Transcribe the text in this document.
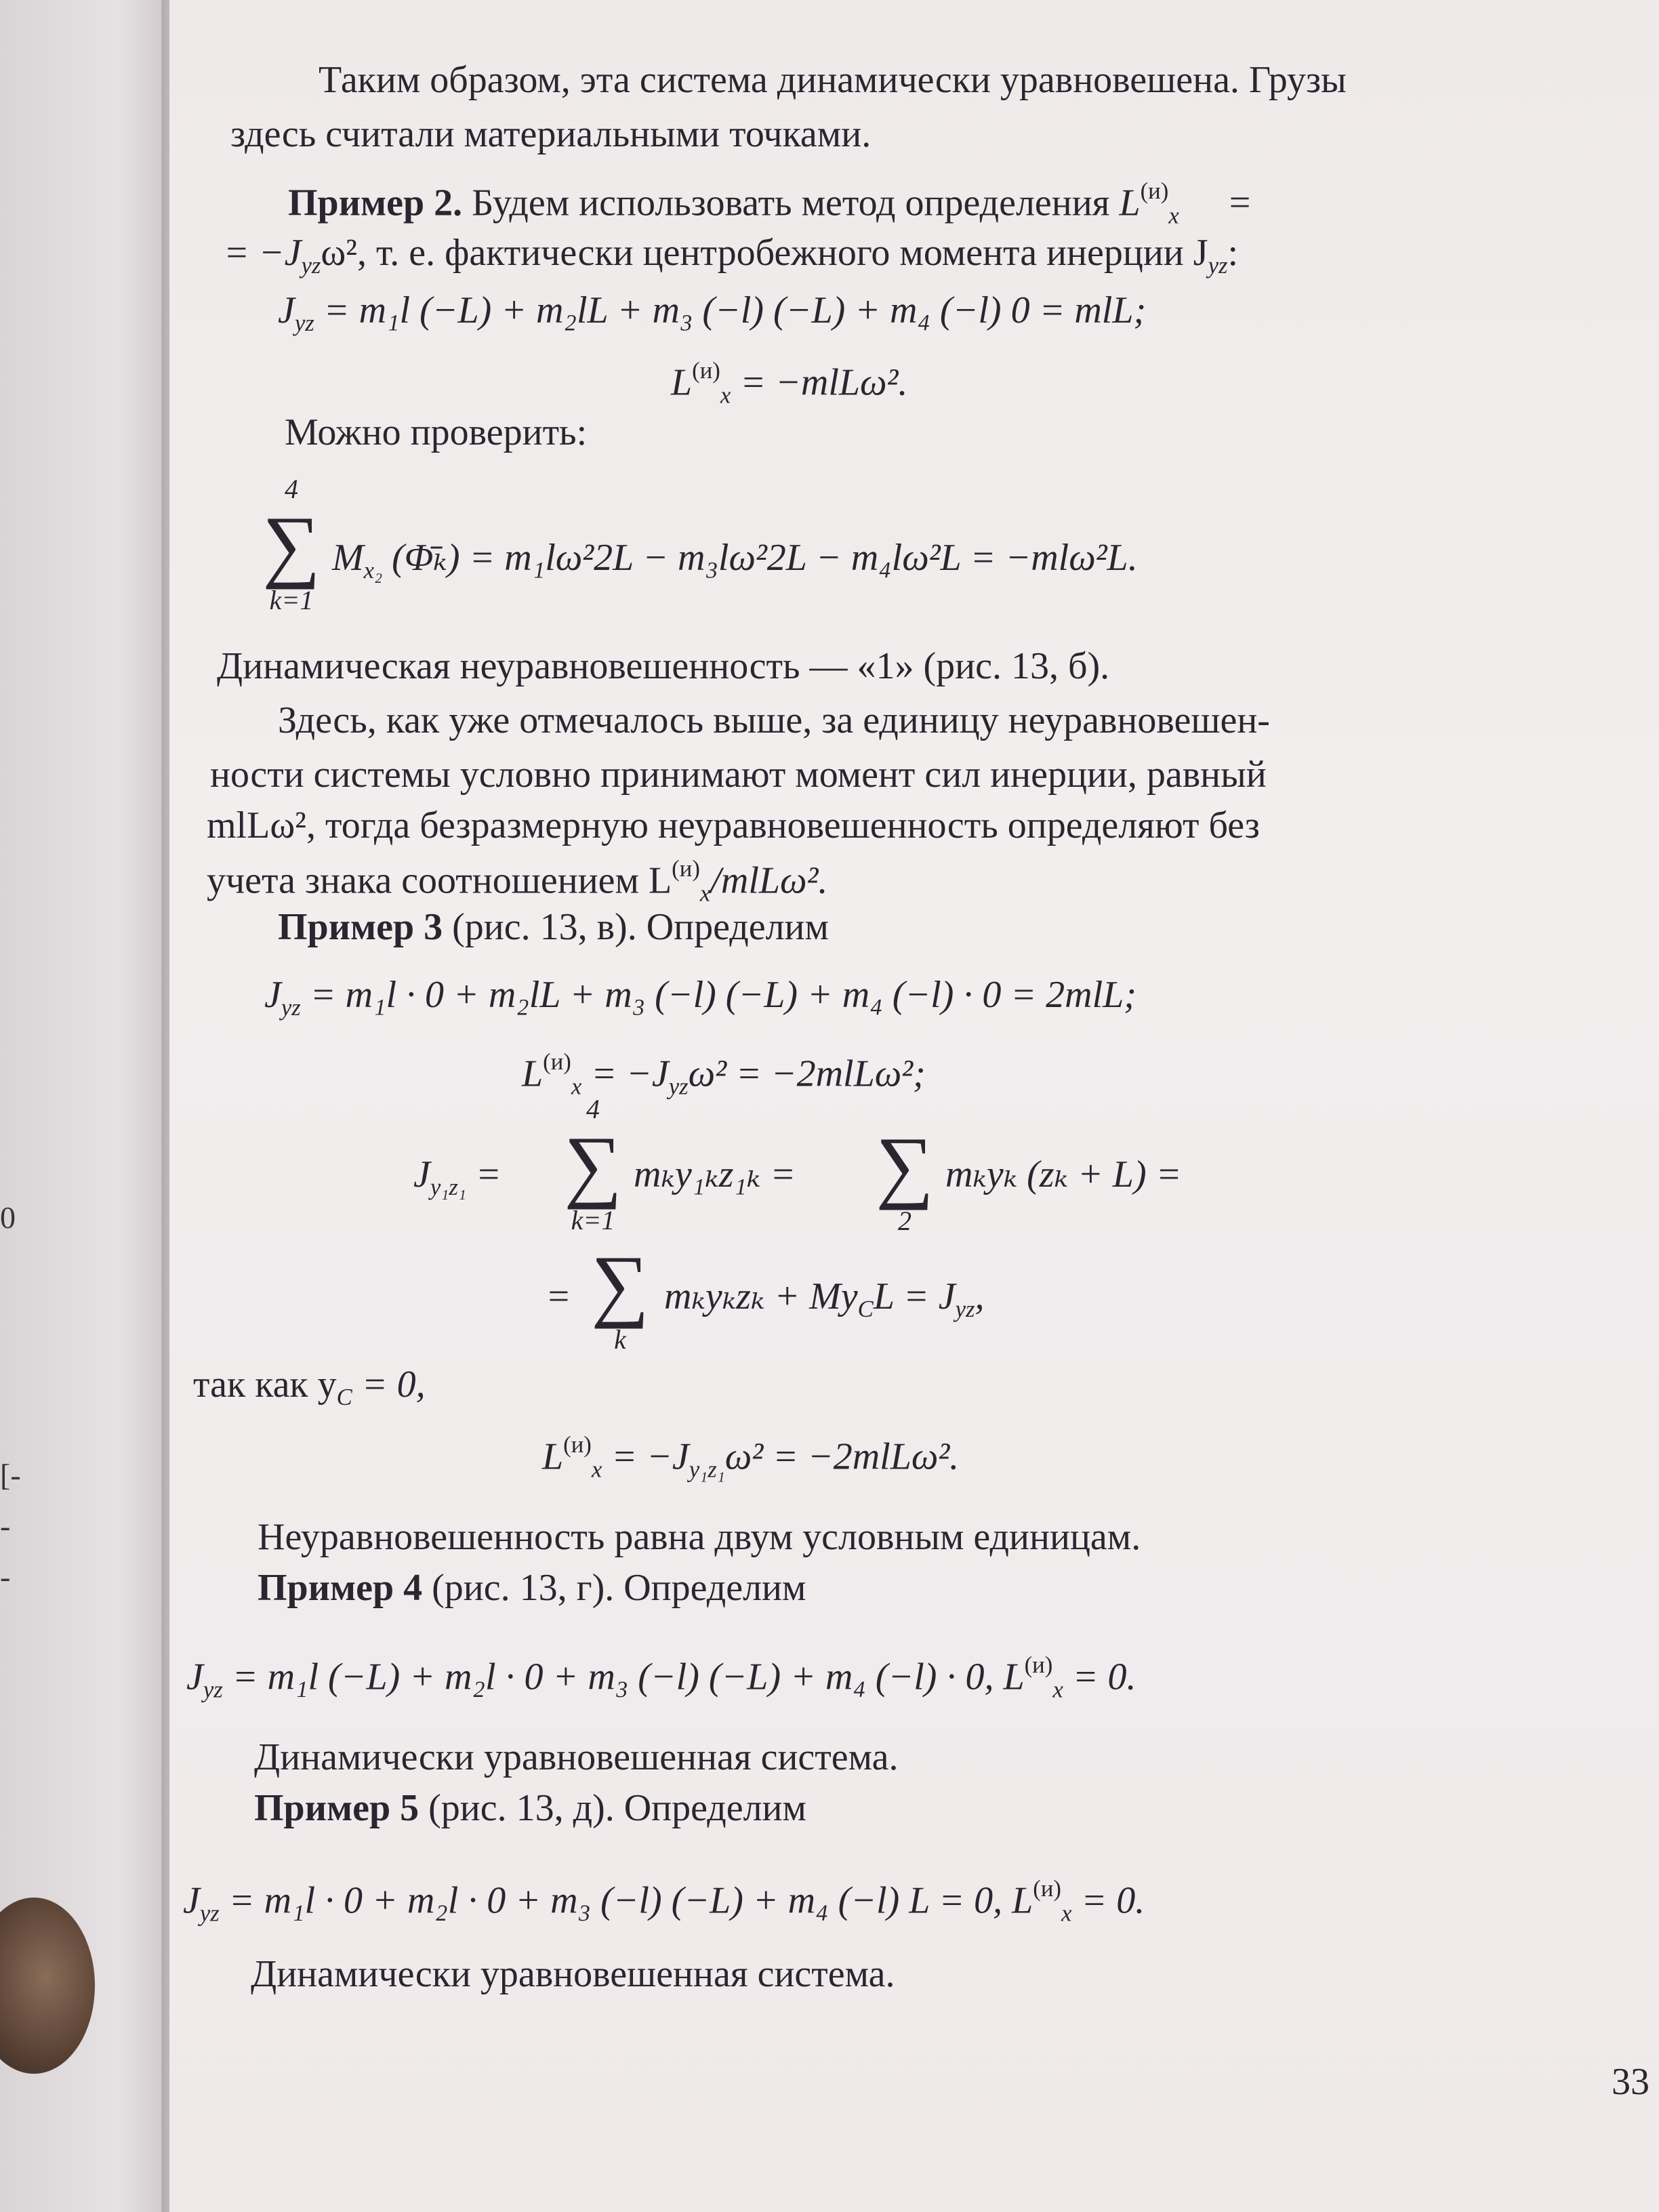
0
[-
-
-
Таким образом, эта система динамически уравновешена. Грузы
здесь считали материальными точками.
Пример 2. Будем использовать метод определения $L^{(и)}_x$ =
= $-J_{yz}\omega^2$, т. е. фактически центробежного момента инерции $J_{yz}$:
$J_{yz} = m_1l$ (−L) + m₂lL + m₃ (−l) (−L) + m₄ (−l) 0 = mlL;
$L^{(и)}_x = -mlL\omega^2$.
Можно проверить:
4
∑
k=1
$M_{x_2}$ (Φ̄ₖ) = m₁lω²2L − m₃lω²2L − m₄lω²L = −mlω²L.
Динамическая неуравновешенность — «1» (рис. 13, б).
Здесь, как уже отмечалось выше, за единицу неуравновешен-
ности системы условно принимают момент сил инерции, равный
mlLω², тогда безразмерную неуравновешенность определяют без
учета знака соотношением $L^{(и)}_x$/mlLω².
Пример 3 (рис. 13, в). Определим
$J_{yz} = m_1l \cdot 0 + m_2lL + m_3$ (−l) (−L) + m₄ (−l) · 0 = 2mlL;
$L^{(и)}_x = -J_{yz}\omega^2 = -2mlL\omega^2$;
$J_{y_1z_1}$ =
4
∑
k=1
mₖy₁ₖz₁ₖ = ∑
2
mₖyₖ (zₖ + L) =
= ∑
k
$m_ky_kz_k + My_CL = J_{yz}$,
так как $y_C = 0$,
$L^{(и)}_x = -J_{y_1z_1}\omega^2 = -2mlL\omega^2$.
Неуравновешенность равна двум условным единицам.
Пример 4 (рис. 13, г). Определим
$J_{yz} = m_1l$ (−L) + m₂l · 0 + m₃ (−l) (−L) + m₄ (−l) · 0, $L^{(и)}_x = 0$.
Динамически уравновешенная система.
Пример 5 (рис. 13, д). Определим
$J_{yz} = m_1l \cdot 0 + m_2l \cdot 0 + m_3$ (−l) (−L) + m₄ (−l) L = 0, $L^{(и)}_x = 0$.
Динамически уравновешенная система.
33
